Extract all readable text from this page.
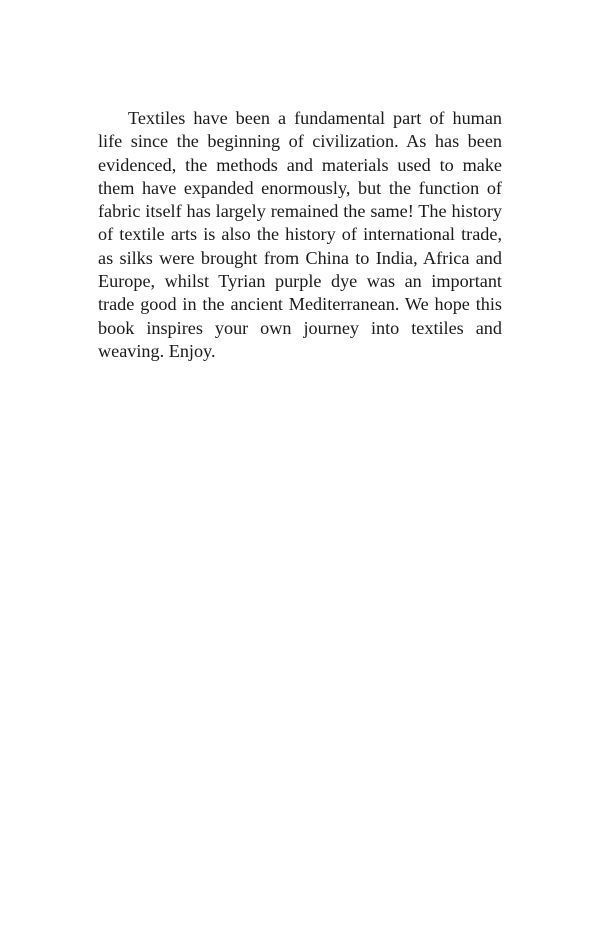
Textiles have been a fundamental part of human life since the beginning of civilization. As has been evidenced, the methods and materials used to make them have expanded enormously, but the function of fabric itself has largely remained the same! The history of textile arts is also the history of international trade, as silks were brought from China to India, Africa and Europe, whilst Tyrian purple dye was an important trade good in the ancient Mediterranean. We hope this book inspires your own journey into textiles and weaving. Enjoy.
